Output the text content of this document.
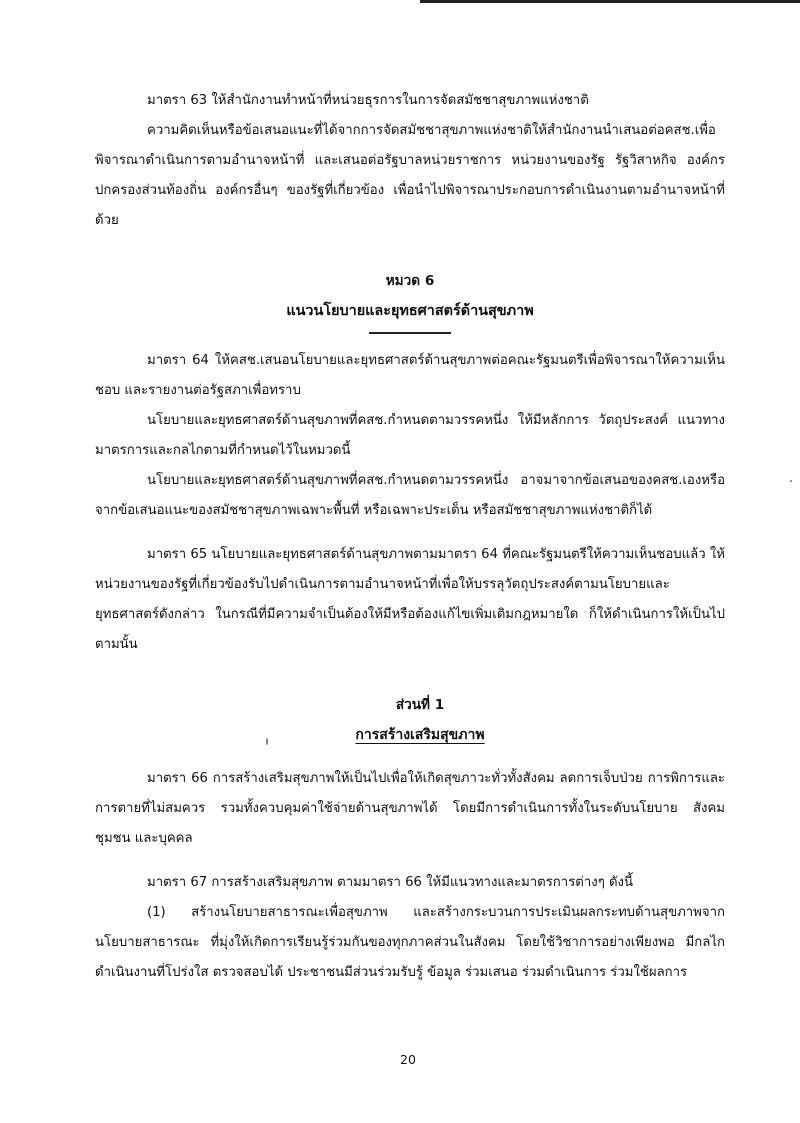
มาตรา 63 ให้สำนักงานทำหน้าที่หน่วยธุรการในการจัดสมัชชาสุขภาพแห่งชาติ

ความคิดเห็นหรือข้อเสนอแนะที่ได้จากการจัดสมัชชาสุขภาพแห่งชาติให้สำนักงานนำเสนอต่อคสช.เพื่อพิจารณาดำเนินการตามอำนาจหน้าที่ และเสนอต่อรัฐบาลหน่วยราชการ หน่วยงานของรัฐ รัฐวิสาหกิจ องค์กรปกครองส่วนท้องถิ่น องค์กรอื่นๆ ของรัฐที่เกี่ยวข้อง เพื่อนำไปพิจารณาประกอบการดำเนินงานตามอำนาจหน้าที่ด้วย

หมวด 6

แนวนโยบายและยุทธศาสตร์ด้านสุขภาพ

มาตรา 64 ให้คสช.เสนอนโยบายและยุทธศาสตร์ด้านสุขภาพต่อคณะรัฐมนตรีเพื่อพิจารณาให้ความเห็นชอบ และรายงานต่อรัฐสภาเพื่อทราบ

นโยบายและยุทธศาสตร์ด้านสุขภาพที่คสช.กำหนดตามวรรคหนึ่ง ให้มีหลักการ วัตถุประสงค์ แนวทาง มาตรการและกลไกตามที่กำหนดไว้ในหมวดนี้

นโยบายและยุทธศาสตร์ด้านสุขภาพที่คสช.กำหนดตามวรรคหนึ่ง อาจมาจากข้อเสนอของคสช.เองหรือจากข้อเสนอแนะของสมัชชาสุขภาพเฉพาะพื้นที่ หรือเฉพาะประเด็น หรือสมัชชาสุขภาพแห่งชาติก็ได้

มาตรา 65 นโยบายและยุทธศาสตร์ด้านสุขภาพตามมาตรา 64 ที่คณะรัฐมนตรีให้ความเห็นชอบแล้ว ให้หน่วยงานของรัฐที่เกี่ยวข้องรับไปดำเนินการตามอำนาจหน้าที่เพื่อให้บรรลุวัตถุประสงค์ตามนโยบายและยุทธศาสตร์ดังกล่าว ในกรณีที่มีความจำเป็นต้องให้มีหรือต้องแก้ไขเพิ่มเติมกฎหมายใด ก็ให้ดำเนินการให้เป็นไปตามนั้น

ส่วนที่ 1

การสร้างเสริมสุขภาพ

มาตรา 66 การสร้างเสริมสุขภาพให้เป็นไปเพื่อให้เกิดสุขภาวะทั่วทั้งสังคม ลดการเจ็บป่วย การพิการและการตายที่ไม่สมควร รวมทั้งควบคุมค่าใช้จ่ายด้านสุขภาพได้ โดยมีการดำเนินการทั้งในระดับนโยบาย สังคม ชุมชน และบุคคล

มาตรา 67 การสร้างเสริมสุขภาพ ตามมาตรา 66 ให้มีแนวทางและมาตรการต่างๆ ดังนี้

(1) สร้างนโยบายสาธารณะเพื่อสุขภาพ และสร้างกระบวนการประเมินผลกระทบด้านสุขภาพจากนโยบายสาธารณะ ที่มุ่งให้เกิดการเรียนรู้ร่วมกันของทุกภาคส่วนในสังคม โดยใช้วิชาการอย่างเพียงพอ มีกลไกดำเนินงานที่โปร่งใส ตรวจสอบได้ ประชาชนมีส่วนร่วมรับรู้ ข้อมูล ร่วมเสนอ ร่วมดำเนินการ ร่วมใช้ผลการ

20
